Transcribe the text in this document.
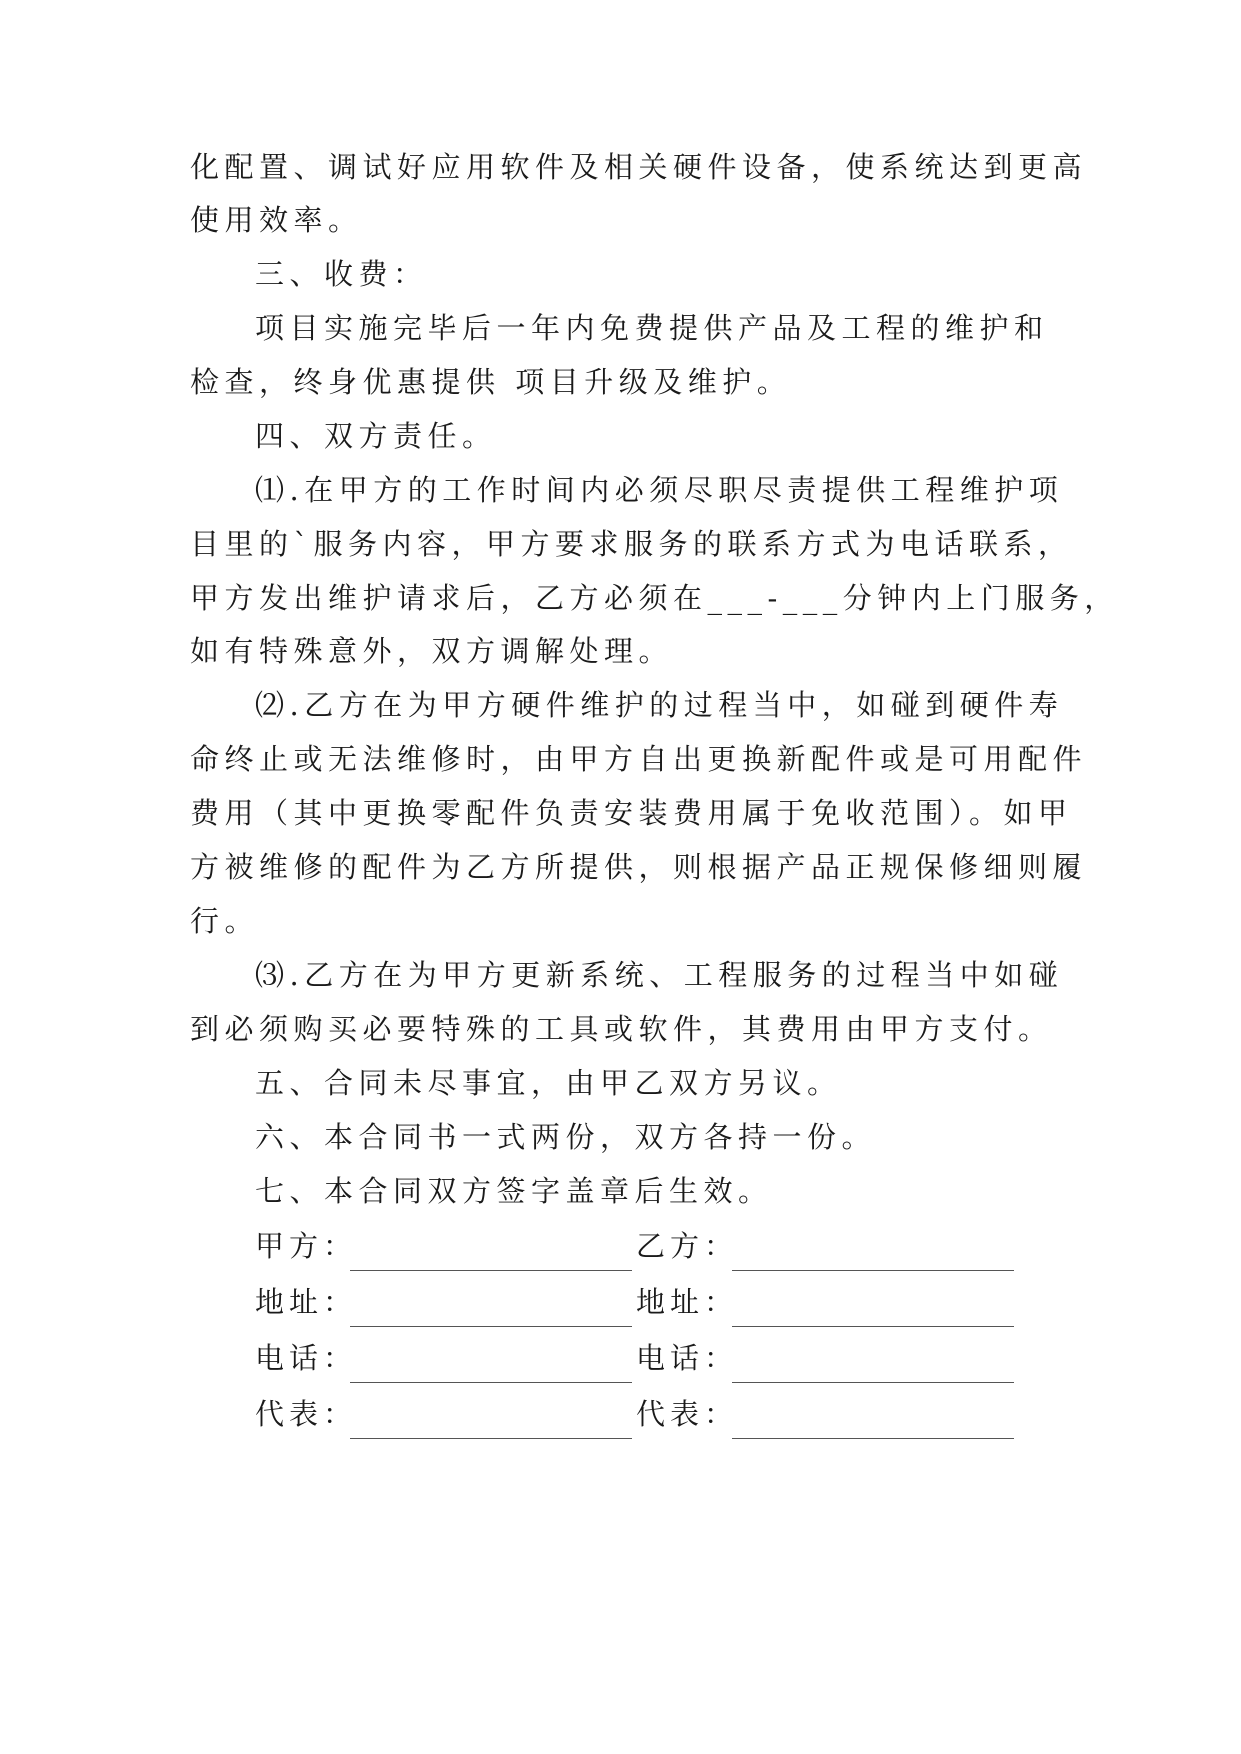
化配置、调试好应用软件及相关硬件设备，使系统达到更高
使用效率。
三、收费：
项目实施完毕后一年内免费提供产品及工程的维护和
检查，终身优惠提供 项目升级及维护。
四、双方责任。
⑴.在甲方的工作时间内必须尽职尽责提供工程维护项
目里的`服务内容，甲方要求服务的联系方式为电话联系，
甲方发出维护请求后，乙方必须在___-___分钟内上门服务，
如有特殊意外，双方调解处理。
⑵.乙方在为甲方硬件维护的过程当中，如碰到硬件寿
命终止或无法维修时，由甲方自出更换新配件或是可用配件
费用（其中更换零配件负责安装费用属于免收范围）。如甲
方被维修的配件为乙方所提供，则根据产品正规保修细则履
行。
⑶.乙方在为甲方更新系统、工程服务的过程当中如碰
到必须购买必要特殊的工具或软件，其费用由甲方支付。
五、合同未尽事宜，由甲乙双方另议。
六、本合同书一式两份，双方各持一份。
七、本合同双方签字盖章后生效。
甲方：	乙方：
地址：	地址：
电话：	电话：
代表：	代表：
